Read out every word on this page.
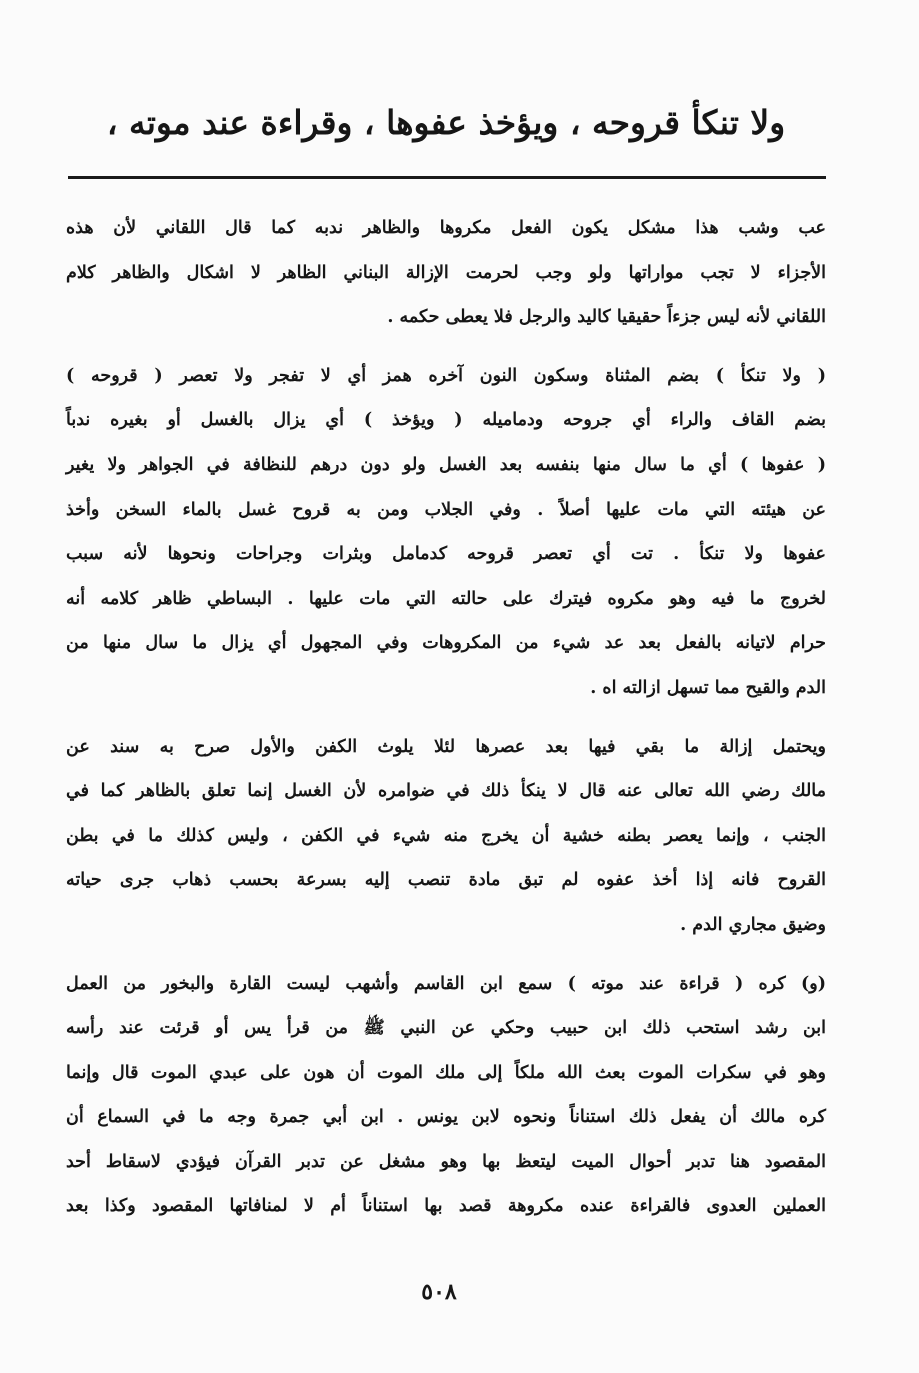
ولا تنكأ قروحه ، ويؤخذ عفوها ، وقراءة عند موته ،
عب وشب هذا مشكل يكون الفعل مكروها والظاهر ندبه كما قال اللقاني لأن هذه
الأجزاء لا تجب مواراتها ولو وجب لحرمت الإزالة البناني الظاهر لا اشكال والظاهر كلام
اللقاني لأنه ليس جزءاً حقيقيا كاليد والرجل فلا يعطى حكمه .
( ولا تنكأ ) بضم المثناة وسكون النون آخره همز أي لا تفجر ولا تعصر ( قروحه )
بضم القاف والراء أي جروحه ودماميله ( ويؤخذ ) أي يزال بالغسل أو بغيره ندباً
( عفوها ) أي ما سال منها بنفسه بعد الغسل ولو دون درهم للنظافة في الجواهر ولا يغير
عن هيئته التي مات عليها أصلاً . وفي الجلاب ومن به قروح غسل بالماء السخن وأخذ
عفوها ولا تنكأ . تت أي تعصر قروحه كدمامل وبثرات وجراحات ونحوها لأنه سبب
لخروج ما فيه وهو مكروه فيترك على حالته التي مات عليها . البساطي ظاهر كلامه أنه
حرام لاتيانه بالفعل بعد عد شيء من المكروهات وفي المجهول أي يزال ما سال منها من
الدم والقيح مما تسهل ازالته اه .
ويحتمل إزالة ما بقي فيها بعد عصرها لئلا يلوث الكفن والأول صرح به سند عن
مالك رضي الله تعالى عنه قال لا ينكأ ذلك في ضوامره لأن الغسل إنما تعلق بالظاهر كما في
الجنب ، وإنما يعصر بطنه خشية أن يخرج منه شيء في الكفن ، وليس كذلك ما في بطن
القروح فانه إذا أخذ عفوه لم تبق مادة تنصب إليه بسرعة بحسب ذهاب جرى حياته
وضيق مجاري الدم .
(و) كره ( قراءة عند موته ) سمع ابن القاسم وأشهب ليست القارة والبخور من العمل
ابن رشد استحب ذلك ابن حبيب وحكي عن النبي ﷺ من قرأ يس أو قرئت عند رأسه
وهو في سكرات الموت بعث الله ملكاً إلى ملك الموت أن هون على عبدي الموت قال وإنما
كره مالك أن يفعل ذلك استناناً ونحوه لابن يونس . ابن أبي جمرة وجه ما في السماع أن
المقصود هنا تدبر أحوال الميت ليتعظ بها وهو مشغل عن تدبر القرآن فيؤدي لاسقاط أحد
العملين العدوى فالقراءة عنده مكروهة قصد بها استناناً أم لا لمنافاتها المقصود وكذا بعد
٥٠٨
